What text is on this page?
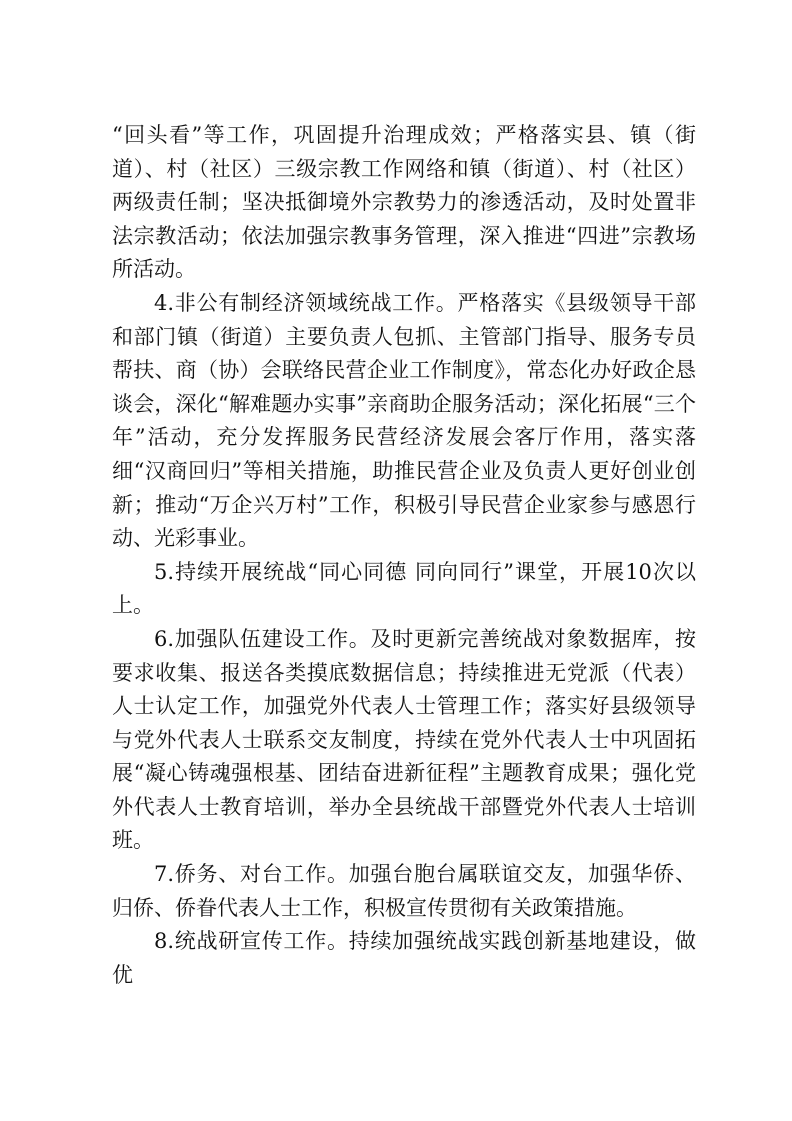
“回头看”等工作，巩固提升治理成效；严格落实县、镇（街道）、村（社区）三级宗教工作网络和镇（街道）、村（社区）两级责任制；坚决抵御境外宗教势力的渗透活动，及时处置非法宗教活动；依法加强宗教事务管理，深入推进“四进”宗教场所活动。

4.非公有制经济领域统战工作。严格落实《县级领导干部和部门镇（街道）主要负责人包抓、主管部门指导、服务专员帮扶、商（协）会联络民营企业工作制度》，常态化办好政企恳谈会，深化“解难题办实事”亲商助企服务活动；深化拓展“三个年”活动，充分发挥服务民营经济发展会客厅作用，落实落细“汉商回归”等相关措施，助推民营企业及负责人更好创业创新；推动“万企兴万村”工作，积极引导民营企业家参与感恩行动、光彩事业。

5.持续开展统战“同心同德 同向同行”课堂，开展10次以上。

6.加强队伍建设工作。及时更新完善统战对象数据库，按要求收集、报送各类摸底数据信息；持续推进无党派（代表）人士认定工作，加强党外代表人士管理工作；落实好县级领导与党外代表人士联系交友制度，持续在党外代表人士中巩固拓展“凝心铸魂强根基、团结奋进新征程”主题教育成果；强化党外代表人士教育培训，举办全县统战干部暨党外代表人士培训班。

7.侨务、对台工作。加强台胞台属联谊交友，加强华侨、归侨、侨眷代表人士工作，积极宣传贯彻有关政策措施。

8.统战研宣传工作。持续加强统战实践创新基地建设，做优
